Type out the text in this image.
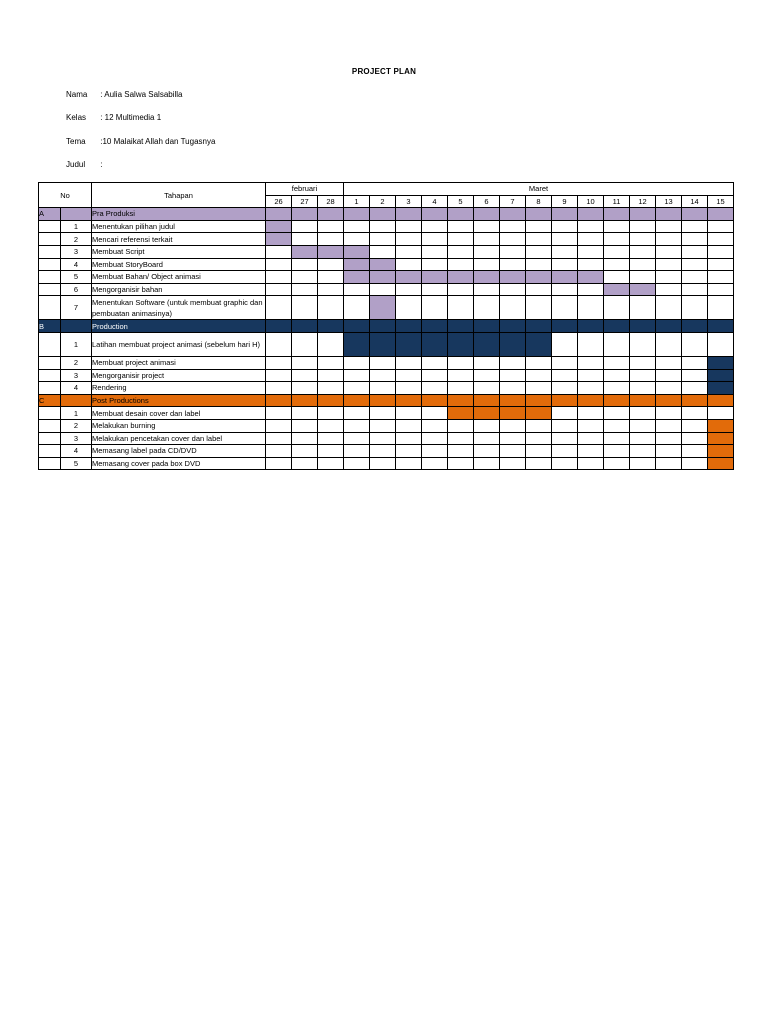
PROJECT PLAN
Nama : Aulia Salwa Salsabilla
Kelas : 12 Multimedia 1
Tema :10 Malaikat Allah dan Tugasnya
Judul :
No		Tahapan	februari			Maret														
			26	27	28	1	2	3	4	5	6	7	8	9	10	11	12	13	14	15
A		Pra Produksi																		
	1	Menentukan pilihan judul																		
	2	Mencari referensi terkait																		
	3	Membuat Script																		
	4	Membuat StoryBoard																		
	5	Membuat Bahan/ Object animasi																		
	6	Mengorganisir bahan																		
	7	Menentukan Software (untuk membuat graphic dan pembuatan animasinya)																		
B		Production																		
	1	Latihan membuat project animasi (sebelum hari H)																		
	2	Membuat project animasi																		
	3	Mengorganisir project																		
	4	Rendering																		
C		Post Productions																		
	1	Membuat desain cover dan label																		
	2	Melakukan burning																		
	3	Melakukan pencetakan cover dan label																		
	4	Memasang label pada CD/DVD																		
	5	Memasang cover pada box DVD																		
